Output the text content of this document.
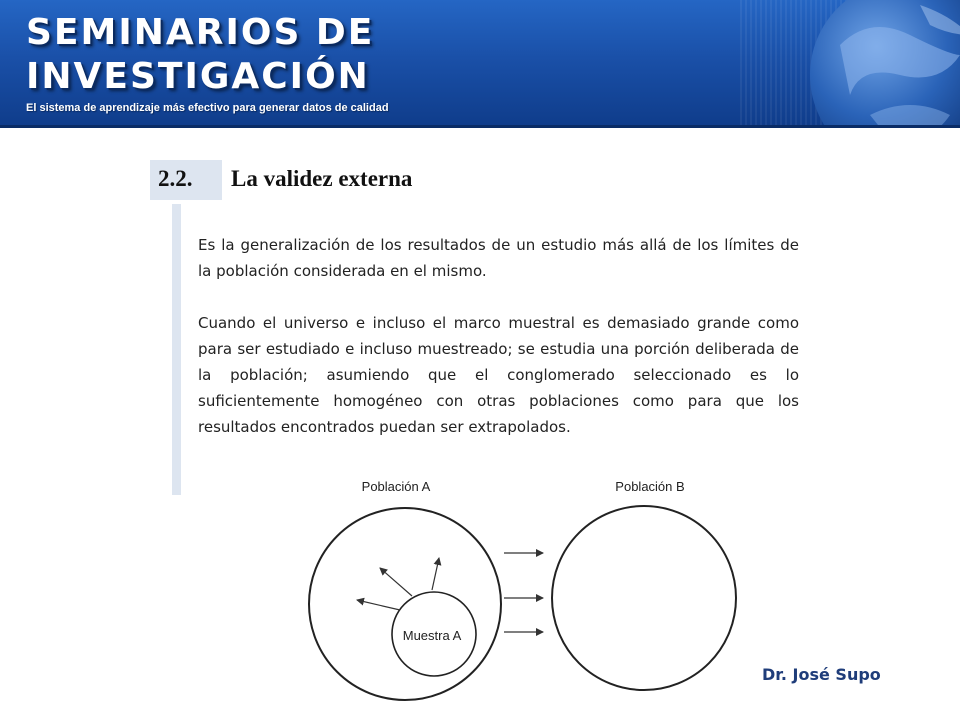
SEMINARIOS DE
INVESTIGACIÓN
El sistema de aprendizaje más efectivo para generar datos de calidad
2.2. La validez externa

Es la generalización de los resultados de un estudio más allá de los límites de la población considerada en el mismo.

Cuando el universo e incluso el marco muestral es demasiado grande como para ser estudiado e incluso muestreado; se estudia una porción deliberada de la población; asumiendo que el conglomerado seleccionado es lo suficientemente homogéneo con otras poblaciones como para que los resultados encontrados puedan ser extrapolados.

Población A	Población B
Muestra A
Dr. José Supo
